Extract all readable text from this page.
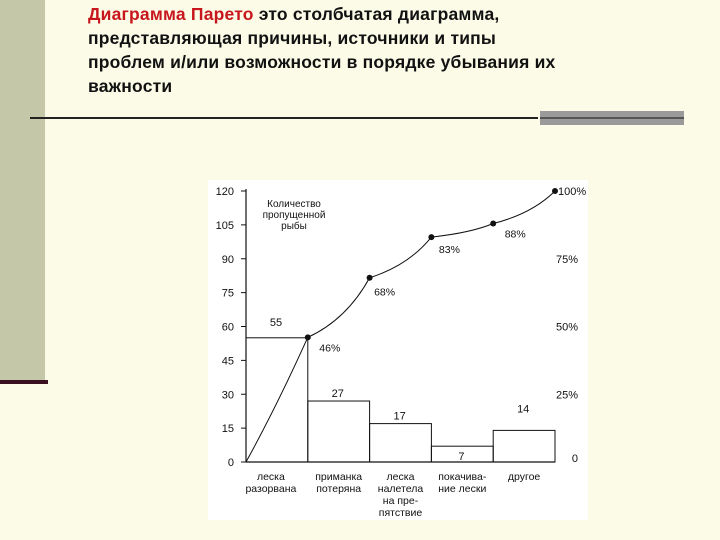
Диаграмма Парето это столбчатая диаграмма, представляющая причины, источники и типы проблем и/или возможности в порядке убывания их важности
0
15
30
45
60
75
90
105
120
0
25%
50%
75%
100%
Количество
пропущенной
рыбы
55
27
17
7
14
леска
разорвана
приманка
потеряна
леска
налетела
на пре-
пятствие
покачива-
ние лески
другое
46%
68%
83%
88%
